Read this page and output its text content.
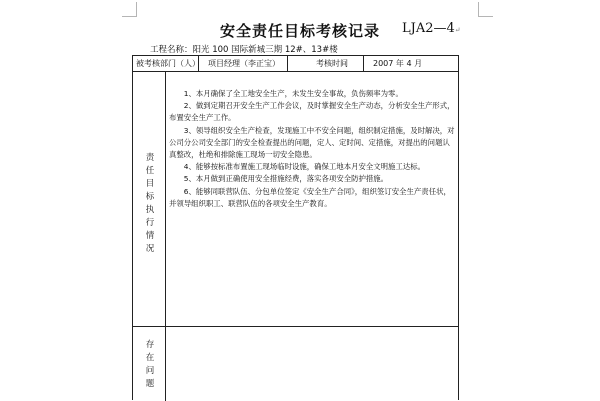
安全责任目标考核记录	LJA2—4↵
工程名称：阳光 100 国际新城三期 12#、13#楼
被考核部门（人） 项目经理（李正宝）	考核时间	2007 年 4 月
责任目标执行情况

1、本月确保了全工地安全生产，未发生安全事故，负伤频率为零。

2、做到定期召开安全生产工作会议，及时掌握安全生产动态，分析安全生产形式，布置安全生产工作。

3、领导组织安全生产检查，发现施工中不安全问题，组织制定措施，及时解决，对公司分公司安全部门的安全检查提出的问题，定人、定时间、定措施，对提出的问题认真整改，杜绝和排除施工现场一切安全隐患。

4、能够按标准布置施工现场临时设施，确保工地本月安全文明施工达标。

5、本月做到正确使用安全措施经费，落实各项安全防护措施。

6、能够同联营队伍、分包单位签定《安全生产合同》，组织签订安全生产责任状，并领导组织职工、联营队伍的各项安全生产教育。

存在问题
